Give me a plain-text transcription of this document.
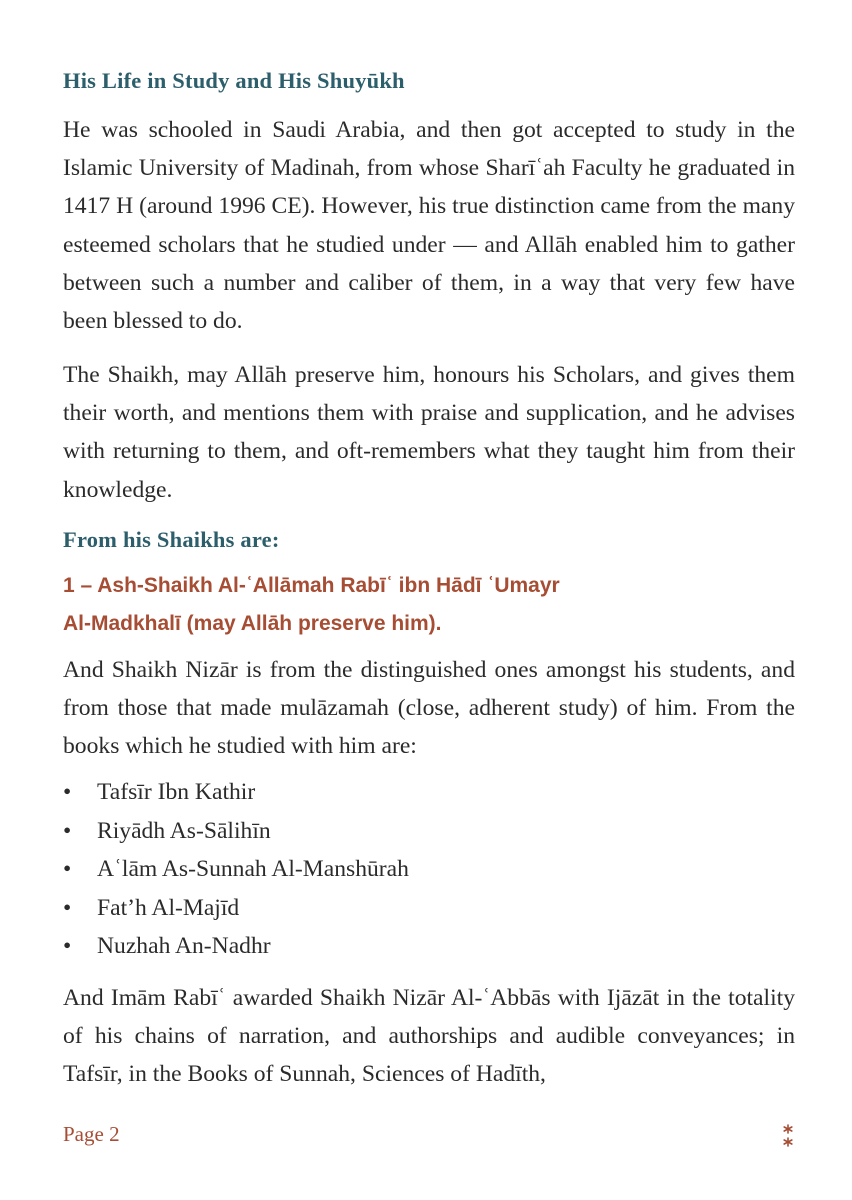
His Life in Study and His Shuyūkh

He was schooled in Saudi Arabia, and then got accepted to study in the Islamic University of Madinah, from whose Sharīʿah Faculty he graduated in 1417 H (around 1996 CE). However, his true distinction came from the many esteemed scholars that he studied under — and Allāh enabled him to gather between such a number and caliber of them, in a way that very few have been blessed to do.

The Shaikh, may Allāh preserve him, honours his Scholars, and gives them their worth, and mentions them with praise and supplication, and he advises with returning to them, and oft-remembers what they taught him from their knowledge.

From his Shaikhs are:
1 – Ash-Shaikh Al-ʿAllāmah Rabīʿ ibn Hādī ʿUmayr
Al-Madkhalī (may Allāh preserve him).

And Shaikh Nizār is from the distinguished ones amongst his students, and from those that made mulāzamah (close, adherent study) of him. From the books which he studied with him are:

• Tafsīr Ibn Kathir
• Riyādh As-Sālihīn
• Aʿlām As-Sunnah Al-Manshūrah
• Fat’h Al-Majīd
• Nuzhah An-Nadhr

And Imām Rabīʿ awarded Shaikh Nizār Al-ʿAbbās with Ijāzāt in the totality of his chains of narration, and authorships and audible conveyances; in Tafsīr, in the Books of Sunnah, Sciences of Hadīth,

Page 2
